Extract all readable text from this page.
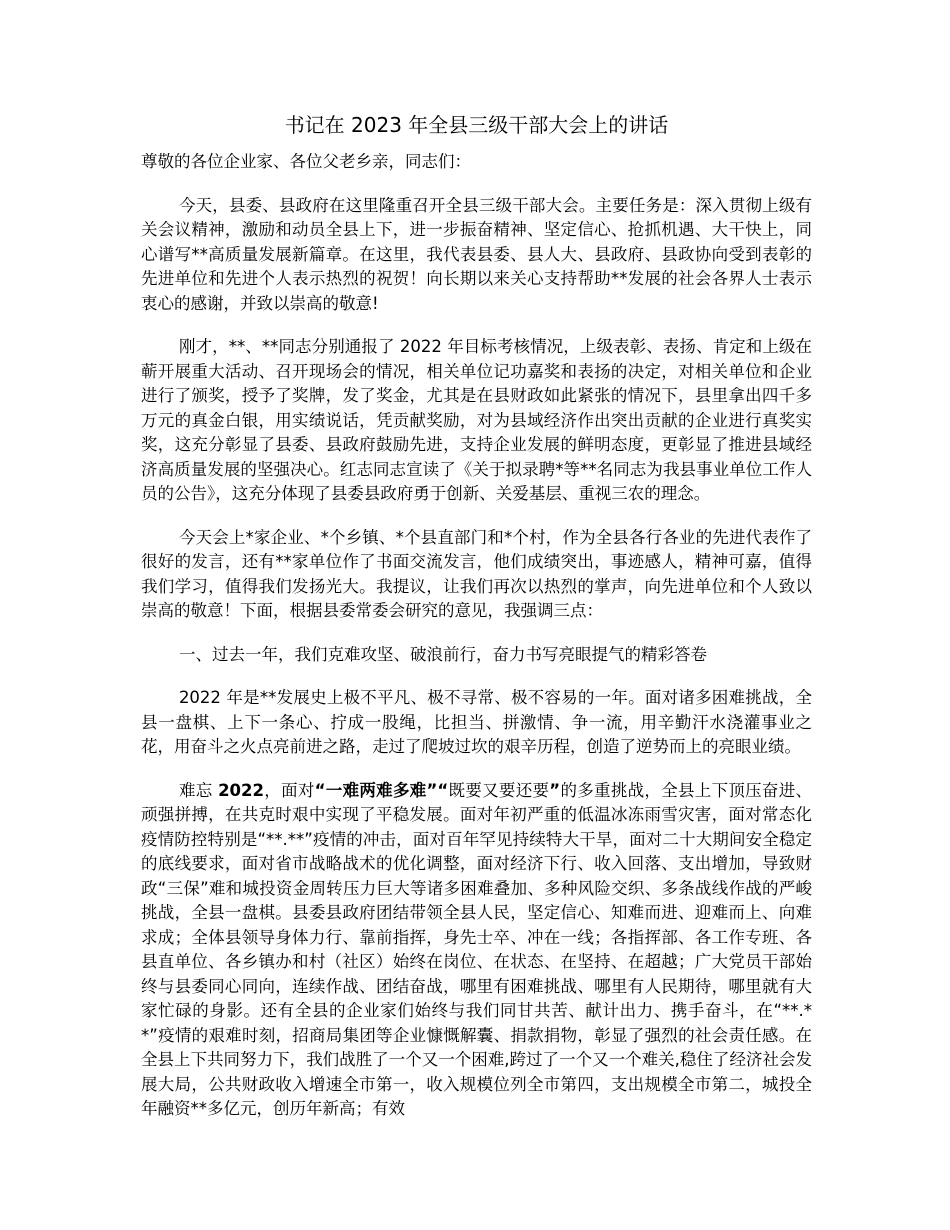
书记在 2023 年全县三级干部大会上的讲话

尊敬的各位企业家、各位父老乡亲，同志们：

今天，县委、县政府在这里隆重召开全县三级干部大会。主要任务是：深入贯彻上级有关会议精神，激励和动员全县上下，进一步振奋精神、坚定信心、抢抓机遇、大干快上，同心谱写**高质量发展新篇章。在这里，我代表县委、县人大、县政府、县政协向受到表彰的先进单位和先进个人表示热烈的祝贺！向长期以来关心支持帮助**发展的社会各界人士表示衷心的感谢，并致以崇高的敬意!

刚才，**、**同志分别通报了 2022 年目标考核情况，上级表彰、表扬、肯定和上级在蕲开展重大活动、召开现场会的情况，相关单位记功嘉奖和表扬的决定，对相关单位和企业进行了颁奖，授予了奖牌，发了奖金，尤其是在县财政如此紧张的情况下，县里拿出四千多万元的真金白银，用实绩说话，凭贡献奖励，对为县域经济作出突出贡献的企业进行真奖实奖，这充分彰显了县委、县政府鼓励先进，支持企业发展的鲜明态度，更彰显了推进县域经济高质量发展的坚强决心。红志同志宣读了《关于拟录聘*等**名同志为我县事业单位工作人员的公告》，这充分体现了县委县政府勇于创新、关爱基层、重视三农的理念。

今天会上*家企业、*个乡镇、*个县直部门和*个村，作为全县各行各业的先进代表作了很好的发言，还有**家单位作了书面交流发言，他们成绩突出，事迹感人，精神可嘉，值得我们学习，值得我们发扬光大。我提议，让我们再次以热烈的掌声，向先进单位和个人致以崇高的敬意！下面，根据县委常委会研究的意见，我强调三点：

一、过去一年，我们克难攻坚、破浪前行，奋力书写亮眼提气的精彩答卷

2022 年是**发展史上极不平凡、极不寻常、极不容易的一年。面对诸多困难挑战，全县一盘棋、上下一条心、拧成一股绳，比担当、拼激情、争一流，用辛勤汗水浇灌事业之花，用奋斗之火点亮前进之路，走过了爬坡过坎的艰辛历程，创造了逆势而上的亮眼业绩。

难忘 2022，面对“一难两难多难”“既要又要还要”的多重挑战，全县上下顶压奋进、顽强拼搏，在共克时艰中实现了平稳发展。面对年初严重的低温冰冻雨雪灾害，面对常态化疫情防控特别是“**.**”疫情的冲击，面对百年罕见持续特大干旱，面对二十大期间安全稳定的底线要求，面对省市战略战术的优化调整，面对经济下行、收入回落、支出增加，导致财政“三保”难和城投资金周转压力巨大等诸多困难叠加、多种风险交织、多条战线作战的严峻挑战，全县一盘棋。县委县政府团结带领全县人民，坚定信心、知难而进、迎难而上、向难求成；全体县领导身体力行、靠前指挥，身先士卒、冲在一线；各指挥部、各工作专班、各县直单位、各乡镇办和村（社区）始终在岗位、在状态、在坚持、在超越；广大党员干部始终与县委同心同向，连续作战、团结奋战，哪里有困难挑战、哪里有人民期待，哪里就有大家忙碌的身影。还有全县的企业家们始终与我们同甘共苦、献计出力、携手奋斗，在“**.**”疫情的艰难时刻，招商局集团等企业慷慨解囊、捐款捐物，彰显了强烈的社会责任感。在全县上下共同努力下，我们战胜了一个又一个困难,跨过了一个又一个难关,稳住了经济社会发展大局，公共财政收入增速全市第一，收入规模位列全市第四，支出规模全市第二，城投全年融资**多亿元，创历年新高；有效
